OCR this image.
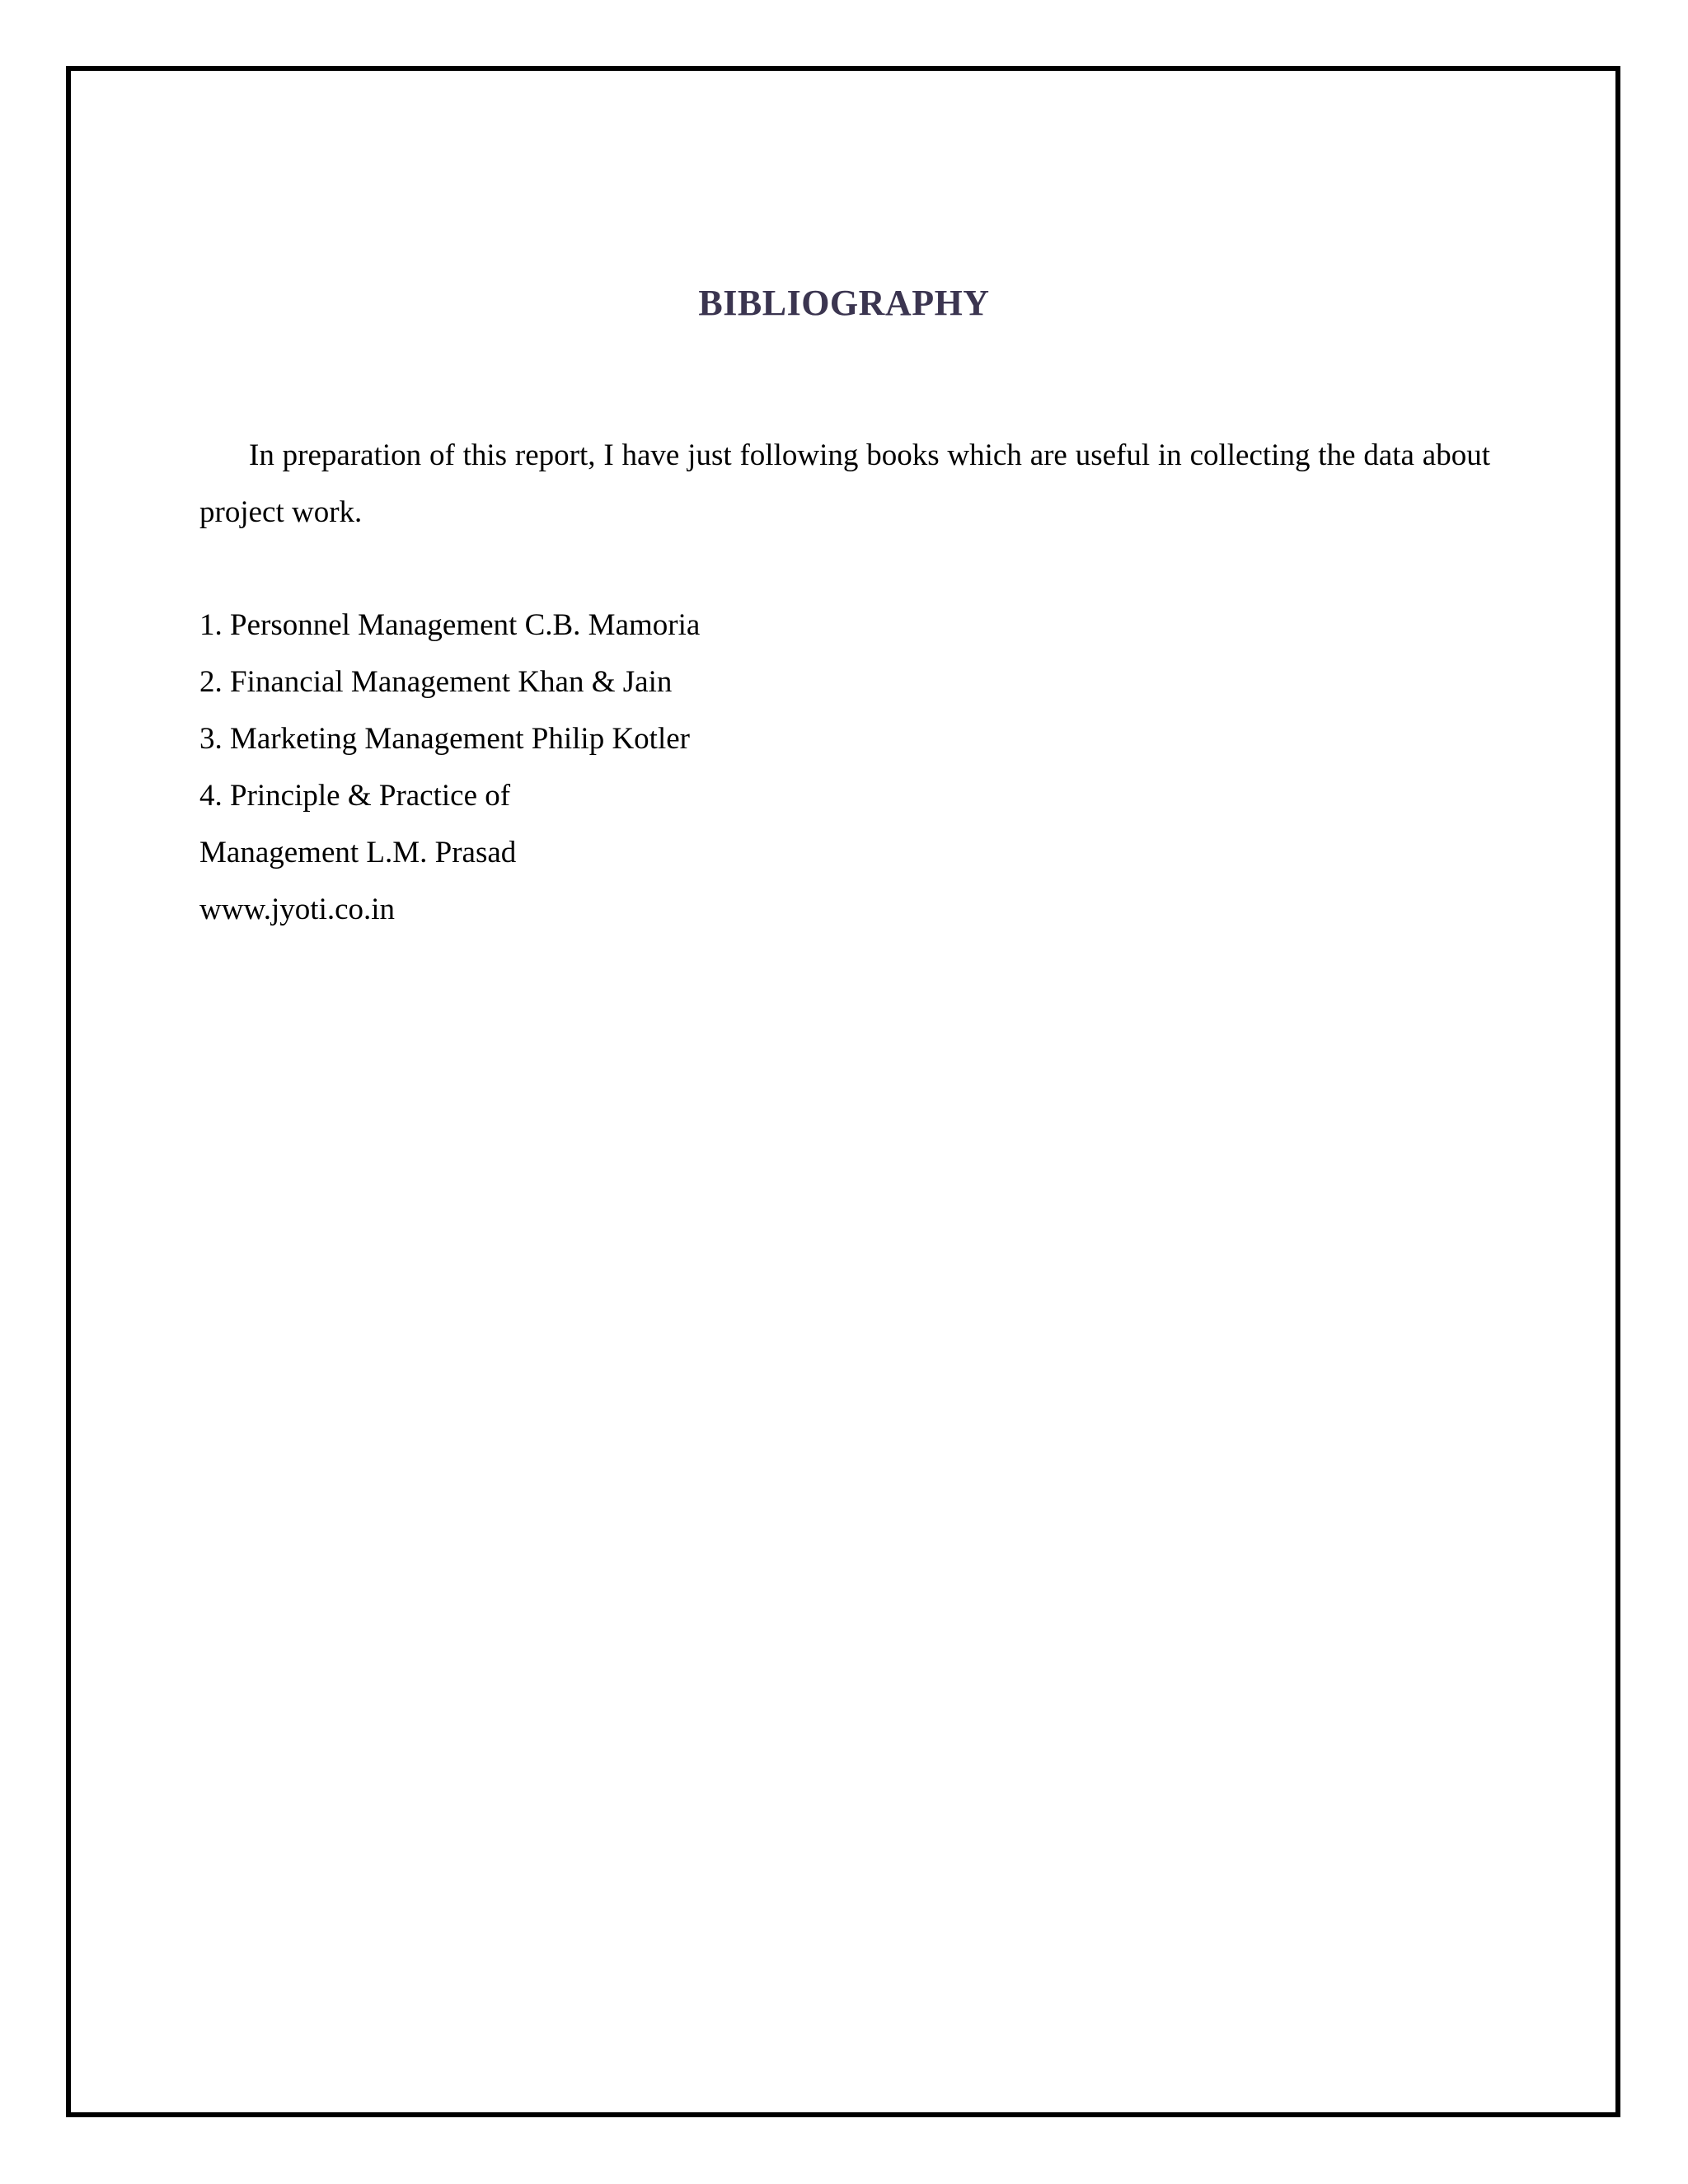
BIBLIOGRAPHY

In preparation of this report, I have just following books which are useful in collecting the data about project work.

1. Personnel Management C.B. Mamoria
2. Financial Management Khan & Jain
3. Marketing Management Philip Kotler
4. Principle & Practice of
Management L.M. Prasad
www.jyoti.co.in
